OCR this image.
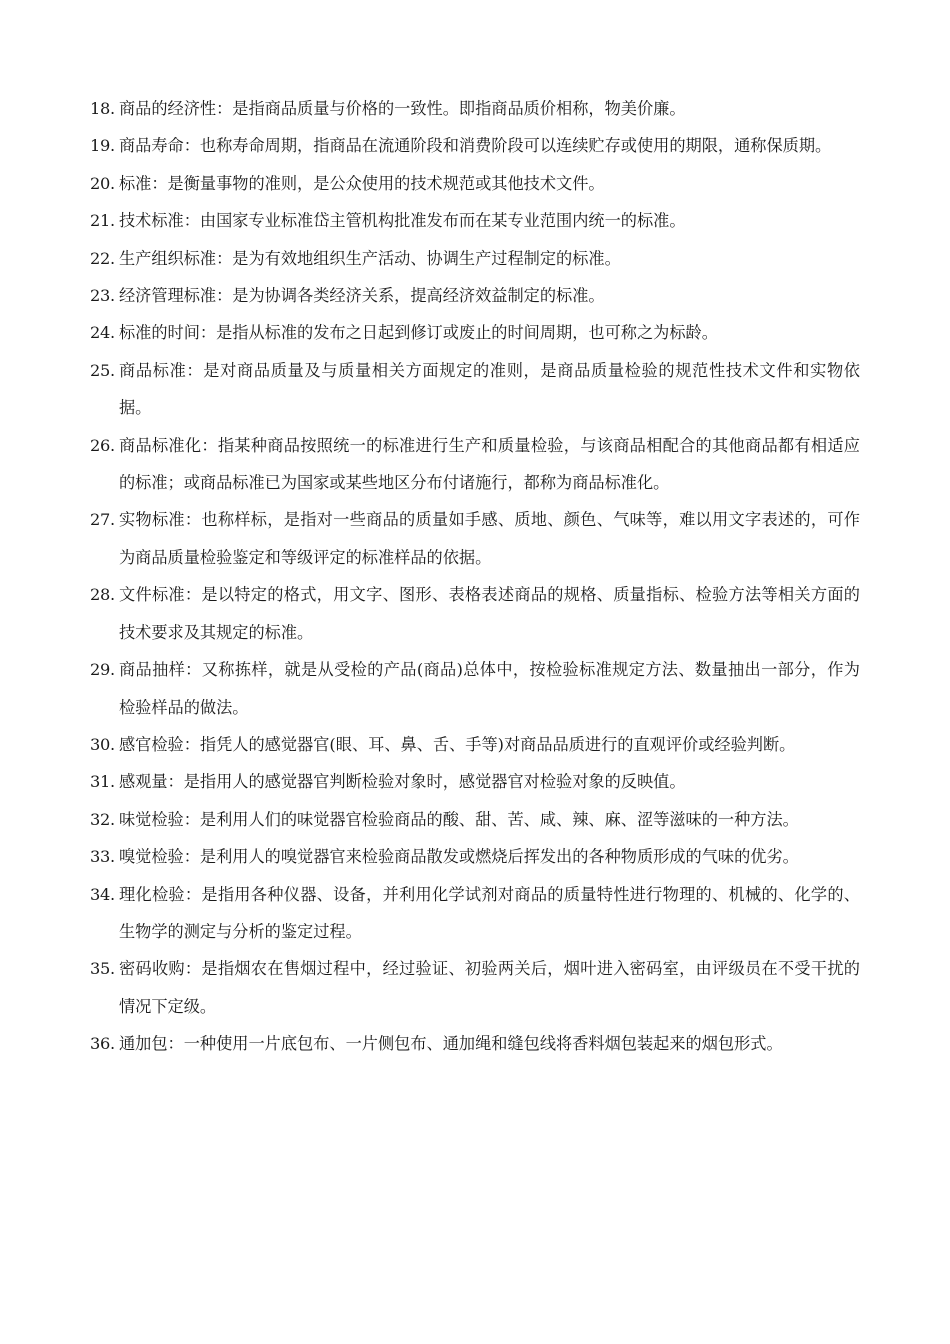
18. 商品的经济性：是指商品质量与价格的一致性。即指商品质价相称，物美价廉。
19. 商品寿命：也称寿命周期，指商品在流通阶段和消费阶段可以连续贮存或使用的期限，通称保质期。
20. 标准：是衡量事物的准则，是公众使用的技术规范或其他技术文件。
21. 技术标准：由国家专业标准岱主管机构批准发布而在某专业范围内统一的标准。
22. 生产组织标准：是为有效地组织生产活动、协调生产过程制定的标准。
23. 经济管理标准：是为协调各类经济关系，提高经济效益制定的标准。
24. 标准的时间：是指从标准的发布之日起到修订或废止的时间周期，也可称之为标龄。
25. 商品标准：是对商品质量及与质量相关方面规定的准则，是商品质量检验的规范性技术文件和实物依据。
26. 商品标准化：指某种商品按照统一的标准进行生产和质量检验，与该商品相配合的其他商品都有相适应的标准；或商品标准已为国家或某些地区分布付诸施行，都称为商品标准化。
27. 实物标准：也称样标，是指对一些商品的质量如手感、质地、颜色、气味等，难以用文字表述的，可作为商品质量检验鉴定和等级评定的标准样品的依据。
28. 文件标准：是以特定的格式，用文字、图形、表格表述商品的规格、质量指标、检验方法等相关方面的技术要求及其规定的标准。
29. 商品抽样：又称拣样，就是从受检的产品(商品)总体中，按检验标准规定方法、数量抽出一部分，作为检验样品的做法。
30. 感官检验：指凭人的感觉器官(眼、耳、鼻、舌、手等)对商品品质进行的直观评价或经验判断。
31. 感观量：是指用人的感觉器官判断检验对象时，感觉器官对检验对象的反映值。
32. 味觉检验：是利用人们的味觉器官检验商品的酸、甜、苦、咸、辣、麻、涩等滋味的一种方法。
33. 嗅觉检验：是利用人的嗅觉器官来检验商品散发或燃烧后挥发出的各种物质形成的气味的优劣。
34. 理化检验：是指用各种仪器、设备，并利用化学试剂对商品的质量特性进行物理的、机械的、化学的、生物学的测定与分析的鉴定过程。
35. 密码收购：是指烟农在售烟过程中，经过验证、初验两关后，烟叶进入密码室，由评级员在不受干扰的情况下定级。
36. 通加包：一种使用一片底包布、一片侧包布、通加绳和缝包线将香料烟包装起来的烟包形式。
